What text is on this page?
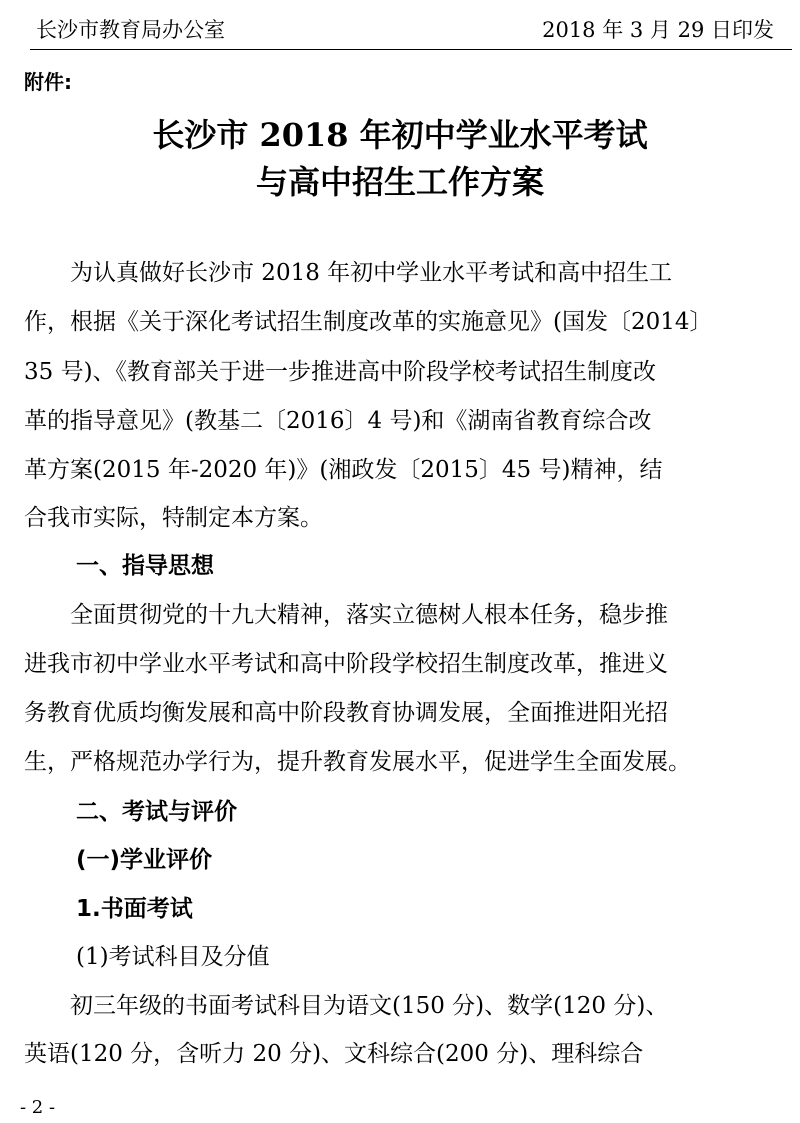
长沙市教育局办公室	2018 年 3 月 29 日印发
附件:
长沙市 2018 年初中学业水平考试
与高中招生工作方案
为认真做好长沙市 2018 年初中学业水平考试和高中招生工
作，根据《关于深化考试招生制度改革的实施意见》(国发〔2014〕
35 号)、《教育部关于进一步推进高中阶段学校考试招生制度改
革的指导意见》(教基二〔2016〕4 号)和《湖南省教育综合改
革方案(2015 年-2020 年)》(湘政发〔2015〕45 号)精神，结
合我市实际，特制定本方案。
一、指导思想
全面贯彻党的十九大精神，落实立德树人根本任务，稳步推
进我市初中学业水平考试和高中阶段学校招生制度改革，推进义
务教育优质均衡发展和高中阶段教育协调发展，全面推进阳光招
生，严格规范办学行为，提升教育发展水平，促进学生全面发展。
二、考试与评价
(一)学业评价
1.书面考试
(1)考试科目及分值
初三年级的书面考试科目为语文(150 分)、数学(120 分)、
英语(120 分，含听力 20 分)、文科综合(200 分)、理科综合
- 2 -
